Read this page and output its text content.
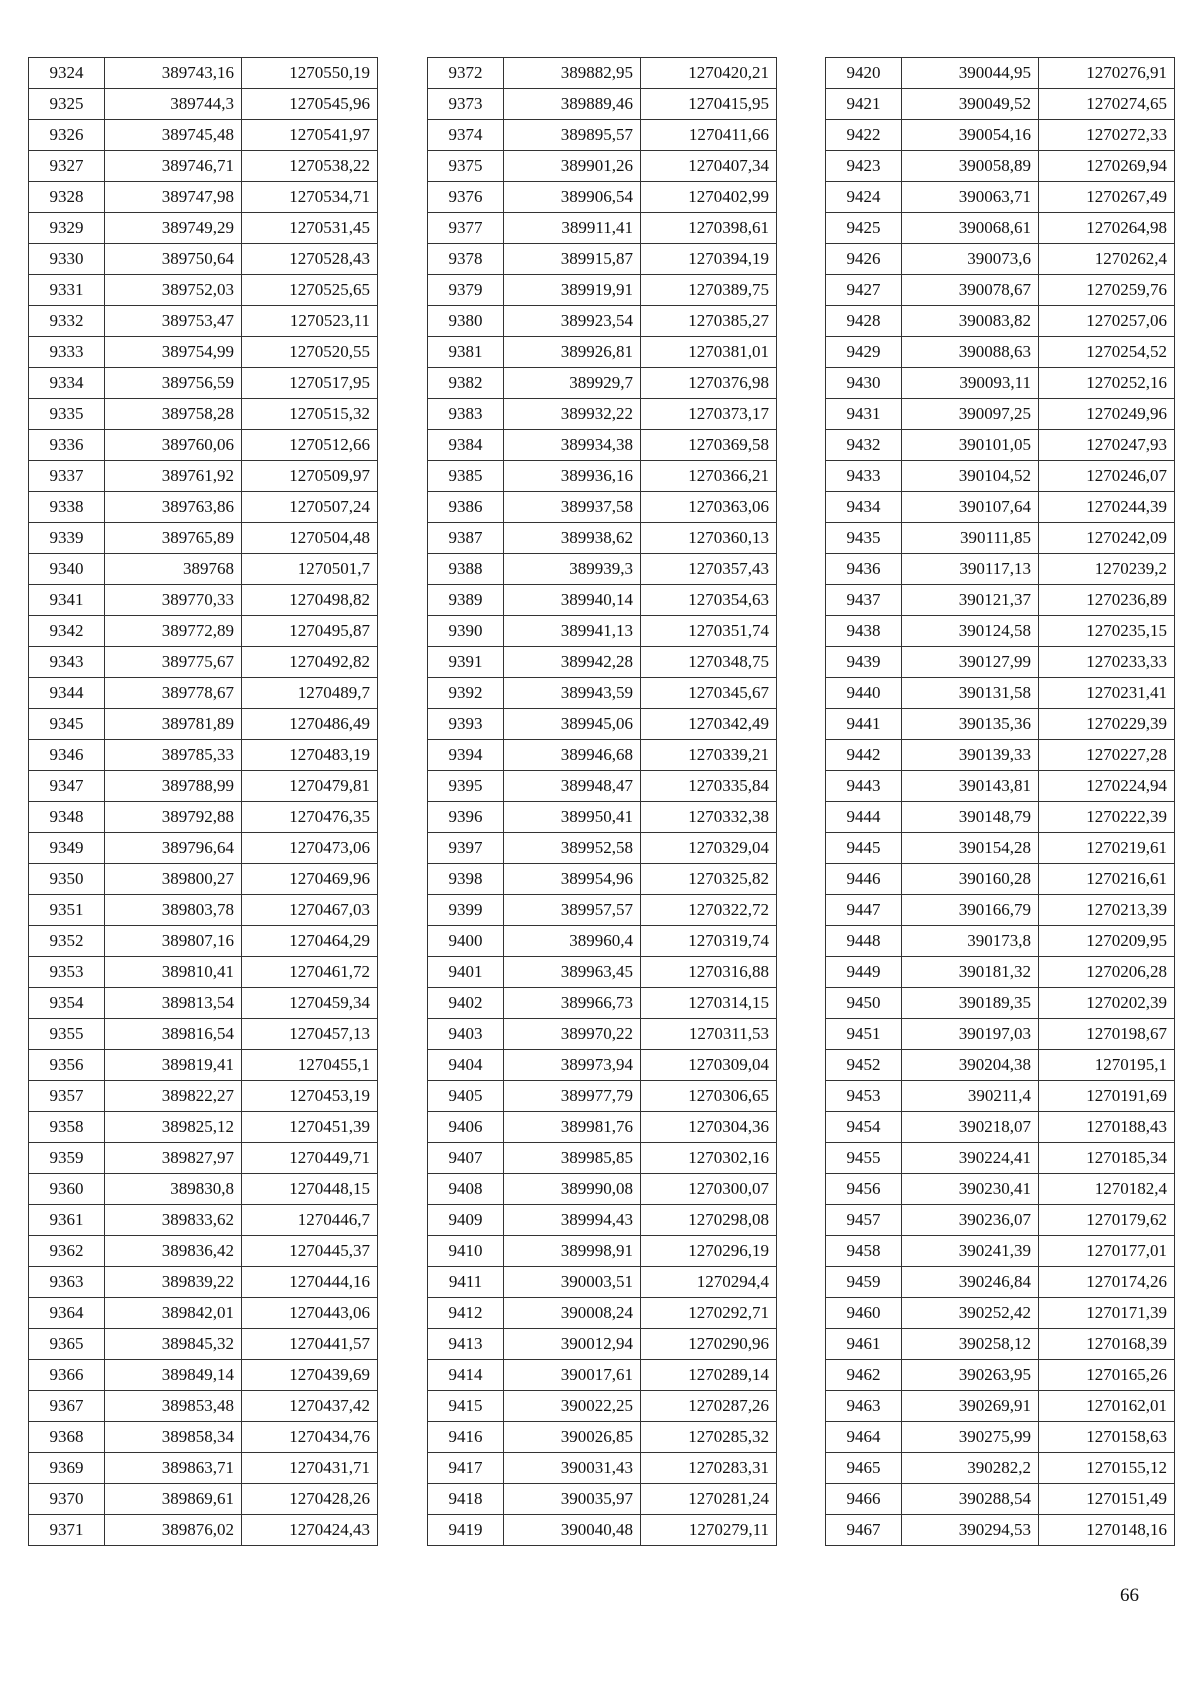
9324	389743,16	1270550,19
9325	389744,3	1270545,96
9326	389745,48	1270541,97
9327	389746,71	1270538,22
9328	389747,98	1270534,71
9329	389749,29	1270531,45
9330	389750,64	1270528,43
9331	389752,03	1270525,65
9332	389753,47	1270523,11
9333	389754,99	1270520,55
9334	389756,59	1270517,95
9335	389758,28	1270515,32
9336	389760,06	1270512,66
9337	389761,92	1270509,97
9338	389763,86	1270507,24
9339	389765,89	1270504,48
9340	389768	1270501,7
9341	389770,33	1270498,82
9342	389772,89	1270495,87
9343	389775,67	1270492,82
9344	389778,67	1270489,7
9345	389781,89	1270486,49
9346	389785,33	1270483,19
9347	389788,99	1270479,81
9348	389792,88	1270476,35
9349	389796,64	1270473,06
9350	389800,27	1270469,96
9351	389803,78	1270467,03
9352	389807,16	1270464,29
9353	389810,41	1270461,72
9354	389813,54	1270459,34
9355	389816,54	1270457,13
9356	389819,41	1270455,1
9357	389822,27	1270453,19
9358	389825,12	1270451,39
9359	389827,97	1270449,71
9360	389830,8	1270448,15
9361	389833,62	1270446,7
9362	389836,42	1270445,37
9363	389839,22	1270444,16
9364	389842,01	1270443,06
9365	389845,32	1270441,57
9366	389849,14	1270439,69
9367	389853,48	1270437,42
9368	389858,34	1270434,76
9369	389863,71	1270431,71
9370	389869,61	1270428,26
9371	389876,02	1270424,43
9372	389882,95	1270420,21
9373	389889,46	1270415,95
9374	389895,57	1270411,66
9375	389901,26	1270407,34
9376	389906,54	1270402,99
9377	389911,41	1270398,61
9378	389915,87	1270394,19
9379	389919,91	1270389,75
9380	389923,54	1270385,27
9381	389926,81	1270381,01
9382	389929,7	1270376,98
9383	389932,22	1270373,17
9384	389934,38	1270369,58
9385	389936,16	1270366,21
9386	389937,58	1270363,06
9387	389938,62	1270360,13
9388	389939,3	1270357,43
9389	389940,14	1270354,63
9390	389941,13	1270351,74
9391	389942,28	1270348,75
9392	389943,59	1270345,67
9393	389945,06	1270342,49
9394	389946,68	1270339,21
9395	389948,47	1270335,84
9396	389950,41	1270332,38
9397	389952,58	1270329,04
9398	389954,96	1270325,82
9399	389957,57	1270322,72
9400	389960,4	1270319,74
9401	389963,45	1270316,88
9402	389966,73	1270314,15
9403	389970,22	1270311,53
9404	389973,94	1270309,04
9405	389977,79	1270306,65
9406	389981,76	1270304,36
9407	389985,85	1270302,16
9408	389990,08	1270300,07
9409	389994,43	1270298,08
9410	389998,91	1270296,19
9411	390003,51	1270294,4
9412	390008,24	1270292,71
9413	390012,94	1270290,96
9414	390017,61	1270289,14
9415	390022,25	1270287,26
9416	390026,85	1270285,32
9417	390031,43	1270283,31
9418	390035,97	1270281,24
9419	390040,48	1270279,11
9420	390044,95	1270276,91
9421	390049,52	1270274,65
9422	390054,16	1270272,33
9423	390058,89	1270269,94
9424	390063,71	1270267,49
9425	390068,61	1270264,98
9426	390073,6	1270262,4
9427	390078,67	1270259,76
9428	390083,82	1270257,06
9429	390088,63	1270254,52
9430	390093,11	1270252,16
9431	390097,25	1270249,96
9432	390101,05	1270247,93
9433	390104,52	1270246,07
9434	390107,64	1270244,39
9435	390111,85	1270242,09
9436	390117,13	1270239,2
9437	390121,37	1270236,89
9438	390124,58	1270235,15
9439	390127,99	1270233,33
9440	390131,58	1270231,41
9441	390135,36	1270229,39
9442	390139,33	1270227,28
9443	390143,81	1270224,94
9444	390148,79	1270222,39
9445	390154,28	1270219,61
9446	390160,28	1270216,61
9447	390166,79	1270213,39
9448	390173,8	1270209,95
9449	390181,32	1270206,28
9450	390189,35	1270202,39
9451	390197,03	1270198,67
9452	390204,38	1270195,1
9453	390211,4	1270191,69
9454	390218,07	1270188,43
9455	390224,41	1270185,34
9456	390230,41	1270182,4
9457	390236,07	1270179,62
9458	390241,39	1270177,01
9459	390246,84	1270174,26
9460	390252,42	1270171,39
9461	390258,12	1270168,39
9462	390263,95	1270165,26
9463	390269,91	1270162,01
9464	390275,99	1270158,63
9465	390282,2	1270155,12
9466	390288,54	1270151,49
9467	390294,53	1270148,16
66
